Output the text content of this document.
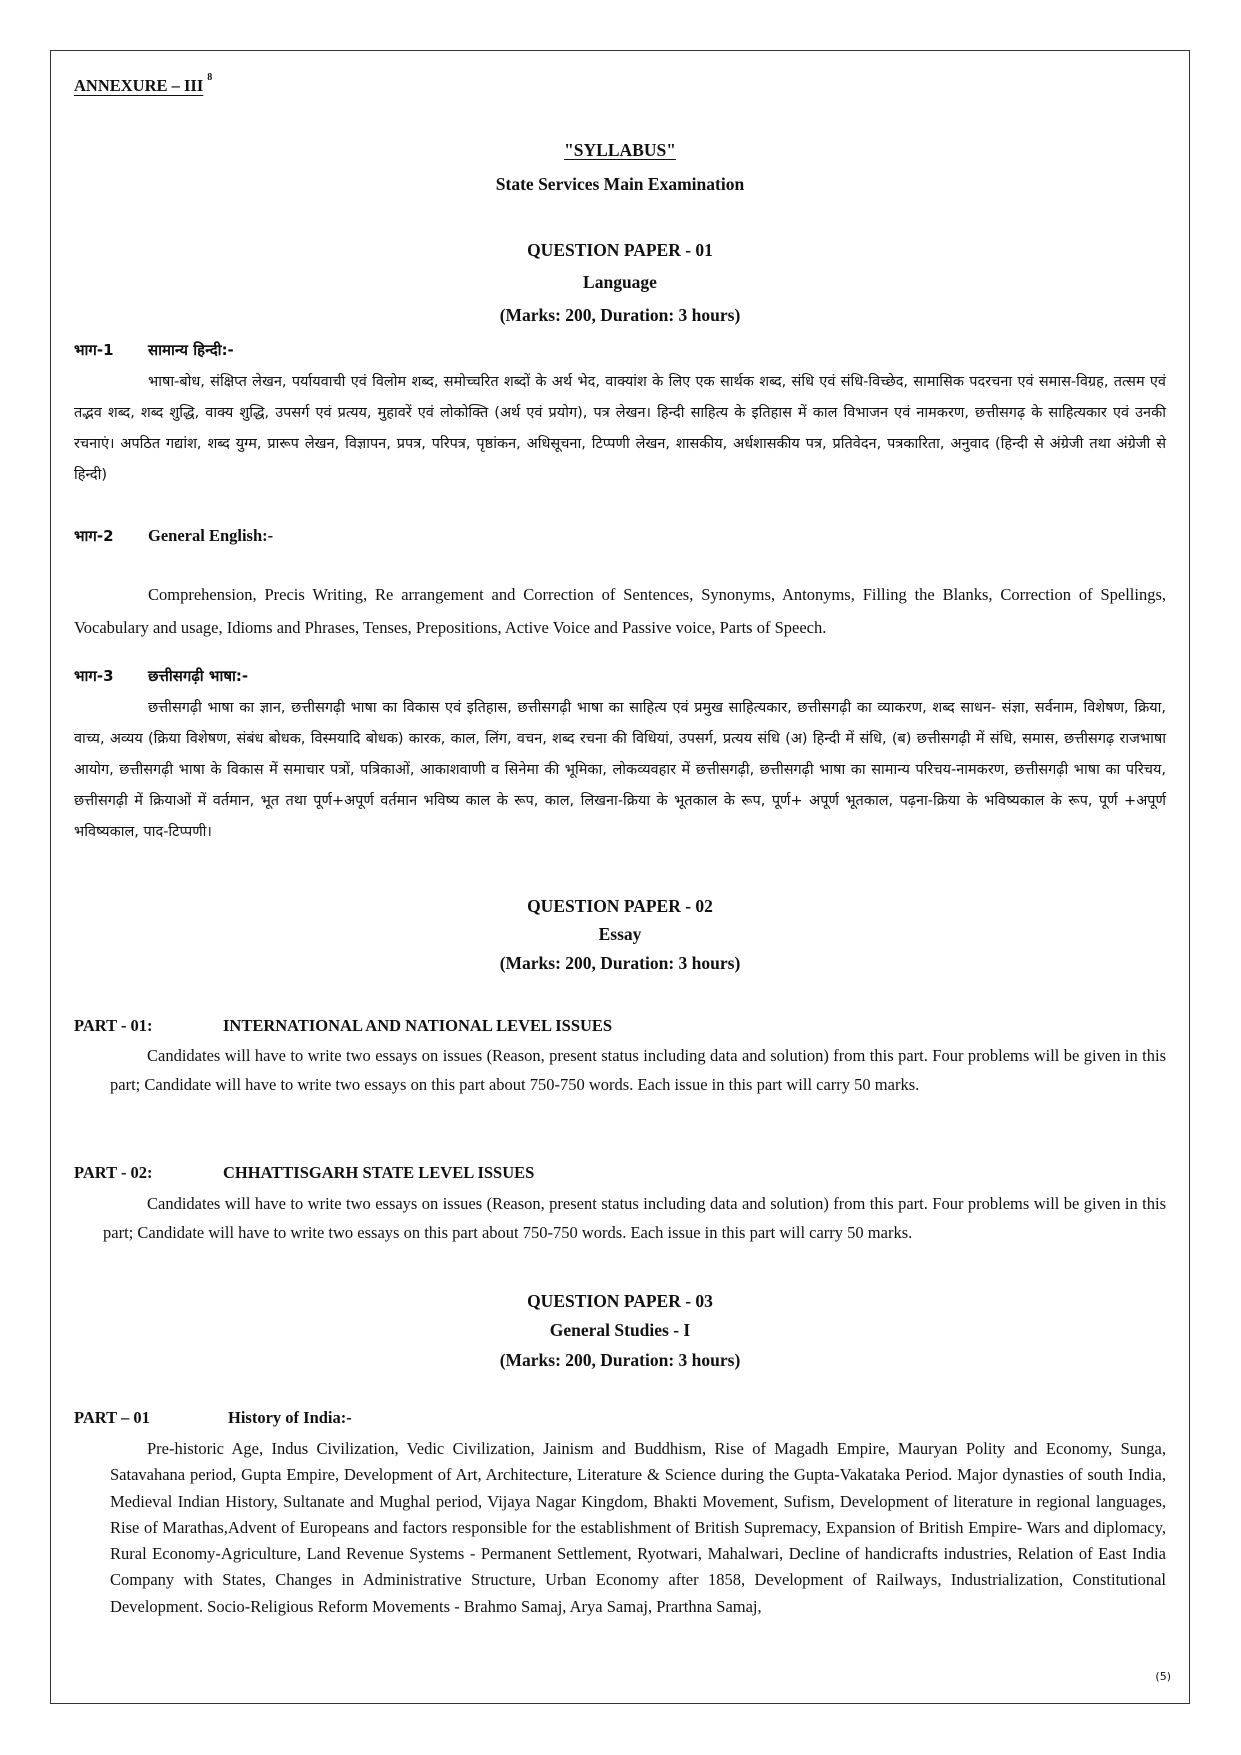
ANNEXURE – III $^8$
"SYLLABUS"
State Services Main Examination
QUESTION PAPER - 01
Language
(Marks: 200, Duration: 3 hours)
भाग-1 सामान्य हिन्दी:-

भाषा-बोध, संक्षिप्त लेखन, पर्यायवाची एवं विलोम शब्द, समोच्चरित शब्दों के अर्थ भेद, वाक्यांश के लिए एक सार्थक शब्द, संधि एवं संधि-विच्छेद, सामासिक पदरचना एवं समास-विग्रह, तत्सम एवं तद्भव शब्द, शब्द शुद्धि, वाक्य शुद्धि, उपसर्ग एवं प्रत्यय, मुहावरें एवं लोकोक्ति (अर्थ एवं प्रयोग), पत्र लेखन। हिन्दी साहित्य के इतिहास में काल विभाजन एवं नामकरण, छत्तीसगढ़ के साहित्यकार एवं उनकी रचनाएं। अपठित गद्यांश, शब्द युग्म, प्रारूप लेखन, विज्ञापन, प्रपत्र, परिपत्र, पृष्ठांकन, अधिसूचना, टिप्पणी लेखन, शासकीय, अर्धशासकीय पत्र, प्रतिवेदन, पत्रकारिता, अनुवाद (हिन्दी से अंग्रेजी तथा अंग्रेजी से हिन्दी)

भाग-2 General English:-

Comprehension, Precis Writing, Re arrangement and Correction of Sentences, Synonyms, Antonyms, Filling the Blanks, Correction of Spellings, Vocabulary and usage, Idioms and Phrases, Tenses, Prepositions, Active Voice and Passive voice, Parts of Speech.

भाग-3 छत्तीसगढ़ी भाषा:-

छत्तीसगढ़ी भाषा का ज्ञान, छत्तीसगढ़ी भाषा का विकास एवं इतिहास, छत्तीसगढ़ी भाषा का साहित्य एवं प्रमुख साहित्यकार, छत्तीसगढ़ी का व्याकरण, शब्द साधन- संज्ञा, सर्वनाम, विशेषण, क्रिया, वाच्य, अव्यय (क्रिया विशेषण, संबंध बोधक, विस्मयादि बोधक) कारक, काल, लिंग, वचन, शब्द रचना की विधियां, उपसर्ग, प्रत्यय संधि (अ) हिन्दी में संधि, (ब) छत्तीसगढ़ी में संधि, समास, छत्तीसगढ़ राजभाषा आयोग, छत्तीसगढ़ी भाषा के विकास में समाचार पत्रों, पत्रिकाओं, आकाशवाणी व सिनेमा की भूमिका, लोकव्यवहार में छत्तीसगढ़ी, छत्तीसगढ़ी भाषा का सामान्य परिचय-नामकरण, छत्तीसगढ़ी भाषा का परिचय, छत्तीसगढ़ी में क्रियाओं में वर्तमान, भूत तथा पूर्ण+अपूर्ण वर्तमान भविष्य काल के रूप, काल, लिखना-क्रिया के भूतकाल के रूप, पूर्ण+ अपूर्ण भूतकाल, पढ़ना-क्रिया के भविष्यकाल के रूप, पूर्ण +अपूर्ण भविष्यकाल, पाद-टिप्पणी।

QUESTION PAPER - 02
Essay
(Marks: 200, Duration: 3 hours)
PART - 01:	INTERNATIONAL AND NATIONAL LEVEL ISSUES

Candidates will have to write two essays on issues (Reason, present status including data and solution) from this part. Four problems will be given in this part; Candidate will have to write two essays on this part about 750-750 words. Each issue in this part will carry 50 marks.

PART - 02:	CHHATTISGARH STATE LEVEL ISSUES

Candidates will have to write two essays on issues (Reason, present status including data and solution) from this part. Four problems will be given in this part; Candidate will have to write two essays on this part about 750-750 words. Each issue in this part will carry 50 marks.

QUESTION PAPER - 03
General Studies - I
(Marks: 200, Duration: 3 hours)
PART – 01	History of India:-

Pre-historic Age, Indus Civilization, Vedic Civilization, Jainism and Buddhism, Rise of Magadh Empire, Mauryan Polity and Economy, Sunga, Satavahana period, Gupta Empire, Development of Art, Architecture, Literature & Science during the Gupta-Vakataka Period. Major dynasties of south India, Medieval Indian History, Sultanate and Mughal period, Vijaya Nagar Kingdom, Bhakti Movement, Sufism, Development of literature in regional languages, Rise of Marathas,Advent of Europeans and factors responsible for the establishment of British Supremacy, Expansion of British Empire- Wars and diplomacy, Rural Economy-Agriculture, Land Revenue Systems - Permanent Settlement, Ryotwari, Mahalwari, Decline of handicrafts industries, Relation of East India Company with States, Changes in Administrative Structure, Urban Economy after 1858, Development of Railways, Industrialization, Constitutional Development. Socio-Religious Reform Movements - Brahmo Samaj, Arya Samaj, Prarthna Samaj,

(5)
